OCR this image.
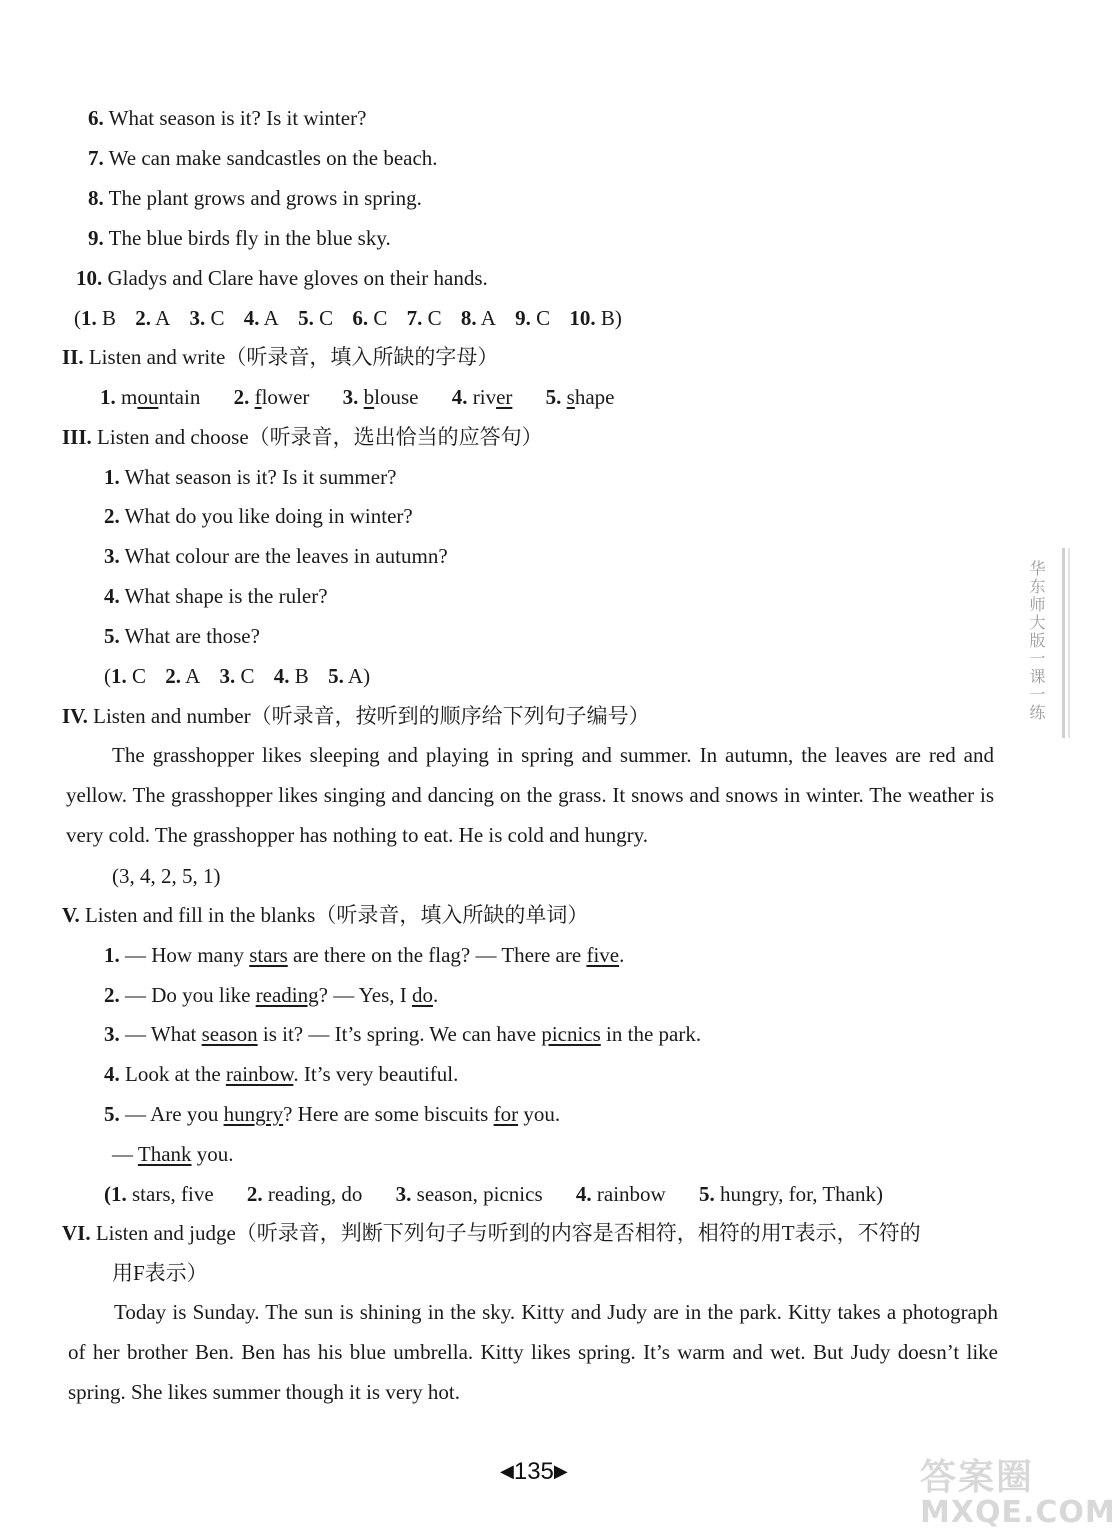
6. What season is it? Is it winter?
7. We can make sandcastles on the beach.
8. The plant grows and grows in spring.
9. The blue birds fly in the blue sky.
10. Gladys and Clare have gloves on their hands.
(1. B 2. A 3. C 4. A 5. C 6. C 7. C 8. A 9. C 10. B)
II. Listen and write（听录音，填入所缺的字母）
1. mountain 2. flower 3. blouse 4. river 5. shape
III. Listen and choose（听录音，选出恰当的应答句）
1. What season is it? Is it summer?
2. What do you like doing in winter?
3. What colour are the leaves in autumn?
4. What shape is the ruler?
5. What are those?
(1. C 2. A 3. C 4. B 5. A)
IV. Listen and number（听录音，按听到的顺序给下列句子编号）
The grasshopper likes sleeping and playing in spring and summer. In autumn, the leaves are red and yellow. The grasshopper likes singing and dancing on the grass. It snows and snows in winter. The weather is very cold. The grasshopper has nothing to eat. He is cold and hungry.
(3, 4, 2, 5, 1)
V. Listen and fill in the blanks（听录音，填入所缺的单词）
1. — How many stars are there on the flag? — There are five.
2. — Do you like reading? — Yes, I do.
3. — What season is it? — It’s spring. We can have picnics in the park.
4. Look at the rainbow. It’s very beautiful.
5. — Are you hungry? Here are some biscuits for you.
— Thank you.
(1. stars, five 2. reading, do 3. season, picnics 4. rainbow 5. hungry, for, Thank)
VI. Listen and judge（听录音，判断下列句子与听到的内容是否相符，相符的用T表示，不符的
用F表示）
Today is Sunday. The sun is shining in the sky. Kitty and Judy are in the park. Kitty takes a photograph of her brother Ben. Ben has his blue umbrella. Kitty likes spring. It’s warm and wet. But Judy doesn’t like spring. She likes summer though it is very hot.
华东师大版一课一练
◀135▶	答案圈
MXQE.COM
